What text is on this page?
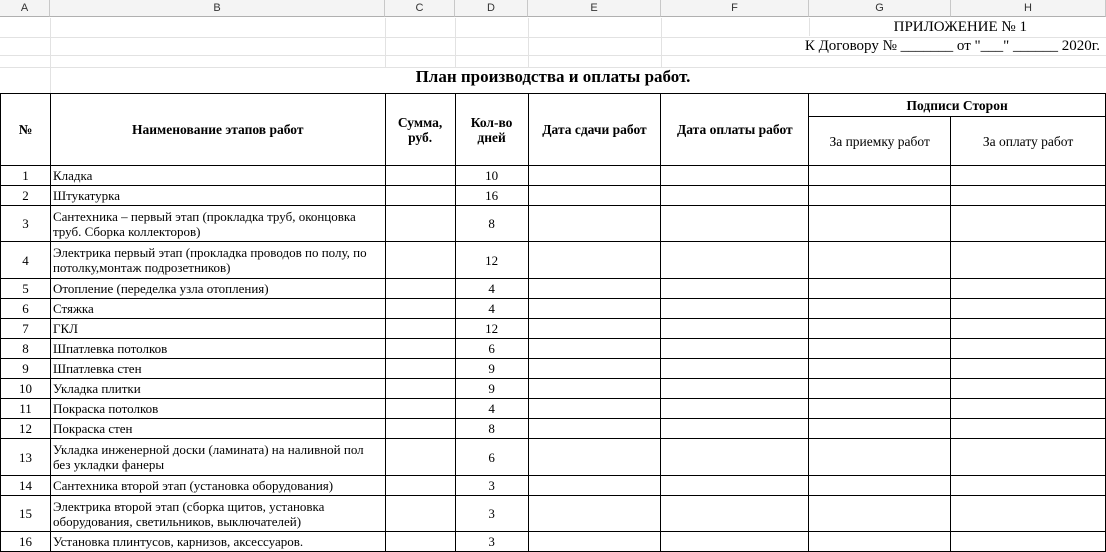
A	B	C	D	E	F	G	H
ПРИЛОЖЕНИЕ № 1
К Договору № _______ от "___" ______ 2020г.
План производства и оплаты работ.
№	Наименование этапов работ	Сумма, руб.	Кол-во дней	Дата сдачи работ	Дата оплаты работ	Подписи Сторон	
						За приемку работ	За оплату работ
1	Кладка		10				
2	Штукатурка		16				
3	Сантехника – первый этап (прокладка труб, оконцовка труб. Сборка коллекторов)		8				
4	Электрика первый этап (прокладка проводов по полу, по потолку,монтаж подрозетников)		12				
5	Отопление (переделка узла отопления)		4				
6	Стяжка		4				
7	ГКЛ		12				
8	Шпатлевка потолков		6				
9	Шпатлевка стен		9				
10	Укладка плитки		9				
11	Покраска потолков		4				
12	Покраска стен		8				
13	Укладка инженерной доски (ламината) на наливной пол без укладки фанеры		6				
14	Сантехника второй этап (установка оборудования)		3				
15	Электрика второй этап (сборка щитов, установка оборудования, светильников, выключателей)		3				
16	Установка плинтусов, карнизов, аксессуаров.		3				
